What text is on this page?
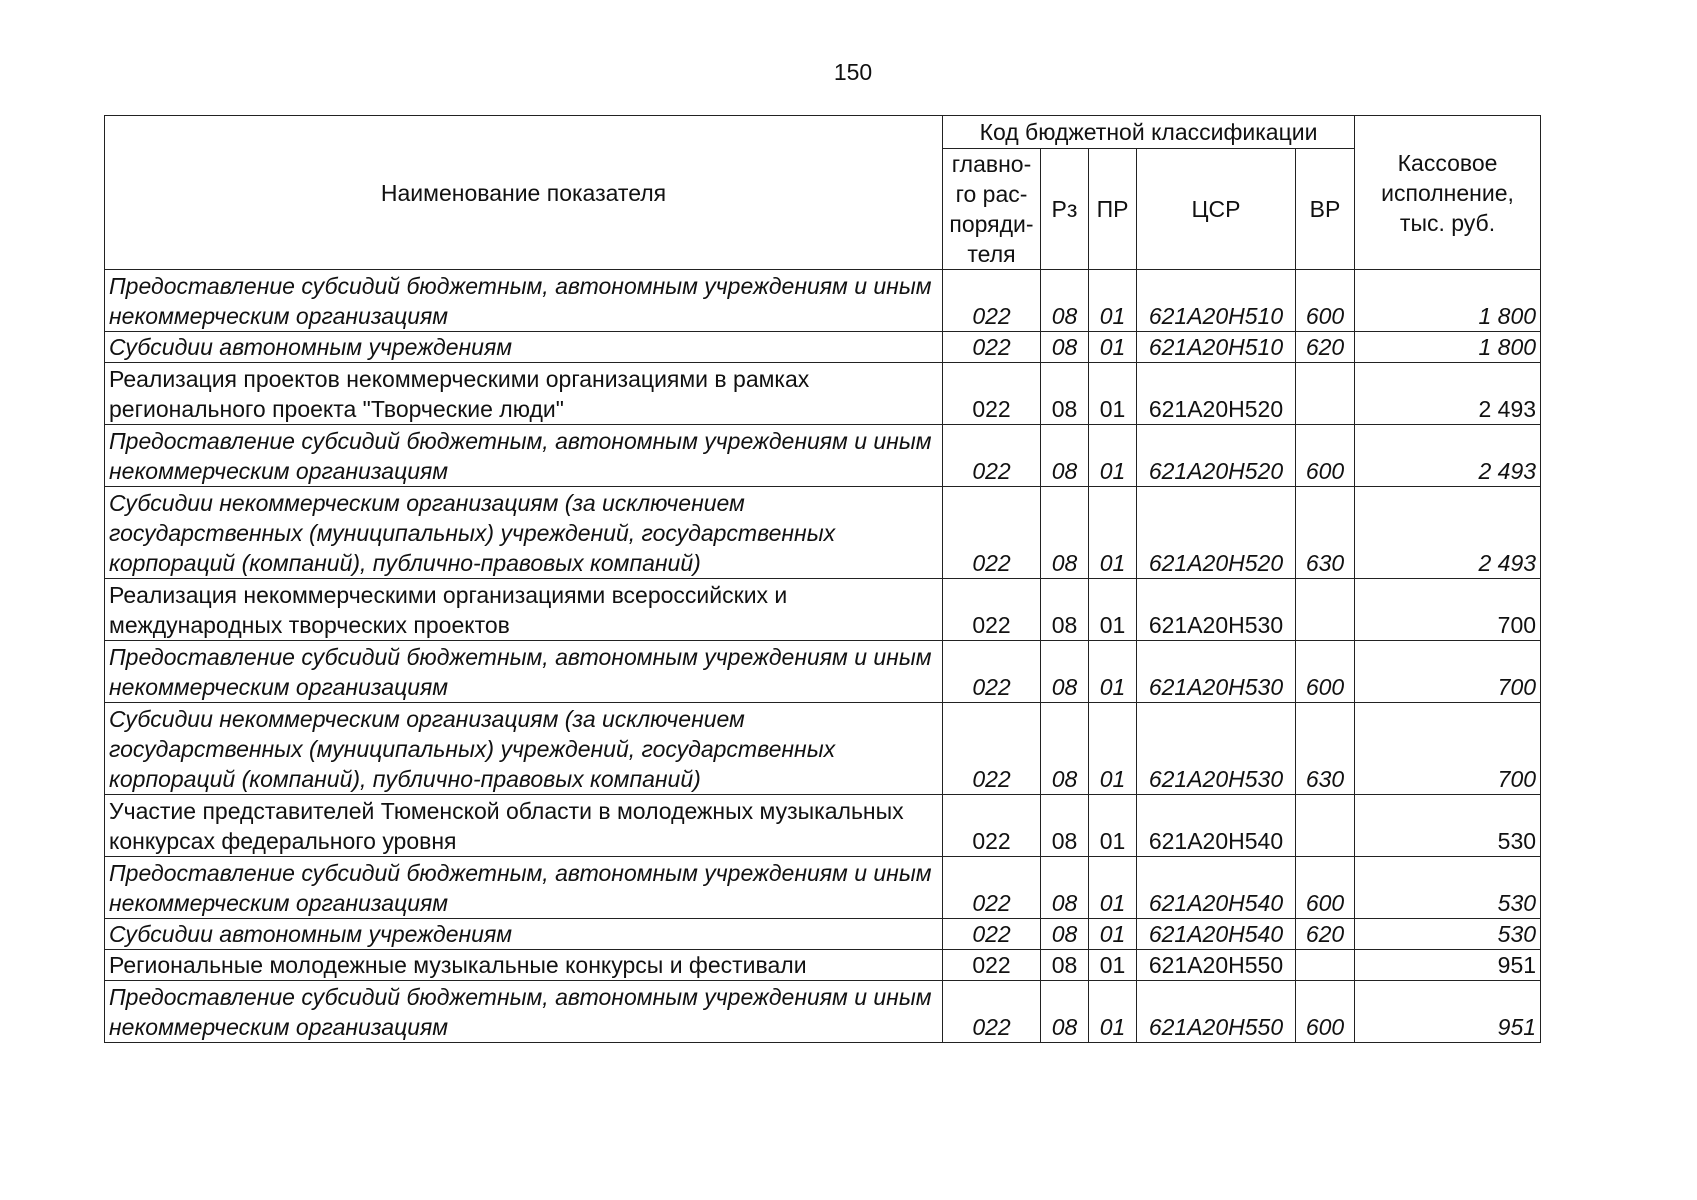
150
Наименование показателя	Код бюджетной классификации					Кассовое
исполнение,
тыс. руб.

	главно-
го рас-
поряди-
теля	Рз	ПР	ЦСР	ВР	
Предоставление субсидий бюджетным, автономным учреждениям и иным некоммерческим организациям	022	08	01	621А20Н510	600	1 800
Субсидии автономным учреждениям	022	08	01	621А20Н510	620	1 800
Реализация проектов некоммерческими организациями в рамках регионального проекта "Творческие люди"	022	08	01	621А20Н520		2 493
Предоставление субсидий бюджетным, автономным учреждениям и иным некоммерческим организациям	022	08	01	621А20Н520	600	2 493
Субсидии некоммерческим организациям (за исключением государственных (муниципальных) учреждений, государственных корпораций (компаний), публично-правовых компаний)	022	08	01	621А20Н520	630	2 493
Реализация некоммерческими организациями всероссийских и международных творческих проектов	022	08	01	621А20Н530		700
Предоставление субсидий бюджетным, автономным учреждениям и иным некоммерческим организациям	022	08	01	621А20Н530	600	700
Субсидии некоммерческим организациям (за исключением государственных (муниципальных) учреждений, государственных корпораций (компаний), публично-правовых компаний)	022	08	01	621А20Н530	630	700
Участие представителей Тюменской области в молодежных музыкальных конкурсах федерального уровня	022	08	01	621А20Н540		530
Предоставление субсидий бюджетным, автономным учреждениям и иным некоммерческим организациям	022	08	01	621А20Н540	600	530
Субсидии автономным учреждениям	022	08	01	621А20Н540	620	530
Региональные молодежные музыкальные конкурсы и фестивали	022	08	01	621А20Н550		951
Предоставление субсидий бюджетным, автономным учреждениям и иным некоммерческим организациям	022	08	01	621А20Н550	600	951
